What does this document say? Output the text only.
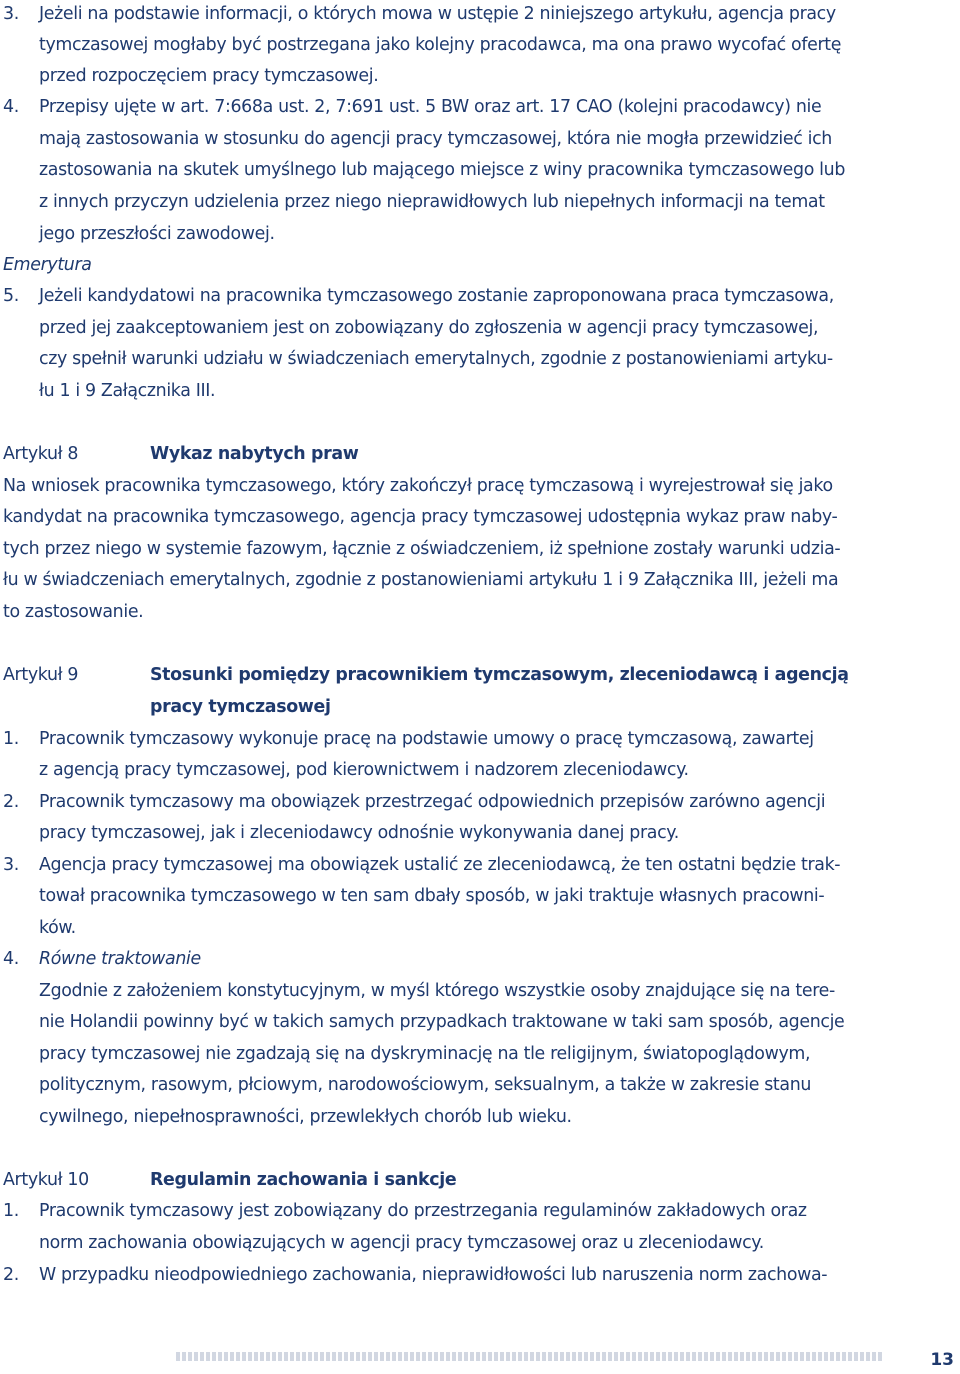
3. Jeżeli na podstawie informacji, o których mowa w ustępie 2 niniejszego artykułu, agencja pracy
tymczasowej mogłaby być postrzegana jako kolejny pracodawca, ma ona prawo wycofać ofertę
przed rozpoczęciem pracy tymczasowej.
4. Przepisy ujęte w art. 7:668a ust. 2, 7:691 ust. 5 BW oraz art. 17 CAO (kolejni pracodawcy) nie
mają zastosowania w stosunku do agencji pracy tymczasowej, która nie mogła przewidzieć ich
zastosowania na skutek umyślnego lub mającego miejsce z winy pracownika tymczasowego lub
z innych przyczyn udzielenia przez niego nieprawidłowych lub niepełnych informacji na temat
jego przeszłości zawodowej.
Emerytura
5. Jeżeli kandydatowi na pracownika tymczasowego zostanie zaproponowana praca tymczasowa,
przed jej zaakceptowaniem jest on zobowiązany do zgłoszenia w agencji pracy tymczasowej,
czy spełnił warunki udziału w świadczeniach emerytalnych, zgodnie z postanowieniami artyku-
łu 1 i 9 Załącznika III.
Artykuł 8	Wykaz nabytych praw
Na wniosek pracownika tymczasowego, który zakończył pracę tymczasową i wyrejestrował się jako
kandydat na pracownika tymczasowego, agencja pracy tymczasowej udostępnia wykaz praw naby-
tych przez niego w systemie fazowym, łącznie z oświadczeniem, iż spełnione zostały warunki udzia-
łu w świadczeniach emerytalnych, zgodnie z postanowieniami artykułu 1 i 9 Załącznika III, jeżeli ma
to zastosowanie.
Artykuł 9	Stosunki pomiędzy pracownikiem tymczasowym, zleceniodawcą i agencją
pracy tymczasowej
1. Pracownik tymczasowy wykonuje pracę na podstawie umowy o pracę tymczasową, zawartej
z agencją pracy tymczasowej, pod kierownictwem i nadzorem zleceniodawcy.
2. Pracownik tymczasowy ma obowiązek przestrzegać odpowiednich przepisów zarówno agencji
pracy tymczasowej, jak i zleceniodawcy odnośnie wykonywania danej pracy.
3. Agencja pracy tymczasowej ma obowiązek ustalić ze zleceniodawcą, że ten ostatni będzie trak-
tował pracownika tymczasowego w ten sam dbały sposób, w jaki traktuje własnych pracowni-
ków.
4. Równe traktowanie
Zgodnie z założeniem konstytucyjnym, w myśl którego wszystkie osoby znajdujące się na tere-
nie Holandii powinny być w takich samych przypadkach traktowane w taki sam sposób, agencje
pracy tymczasowej nie zgadzają się na dyskryminację na tle religijnym, światopoglądowym,
politycznym, rasowym, płciowym, narodowościowym, seksualnym, a także w zakresie stanu
cywilnego, niepełnosprawności, przewlekłych chorób lub wieku.
Artykuł 10	Regulamin zachowania i sankcje
1. Pracownik tymczasowy jest zobowiązany do przestrzegania regulaminów zakładowych oraz
norm zachowania obowiązujących w agencji pracy tymczasowej oraz u zleceniodawcy.
2. W przypadku nieodpowiedniego zachowania, nieprawidłowości lub naruszenia norm zachowa-
13
